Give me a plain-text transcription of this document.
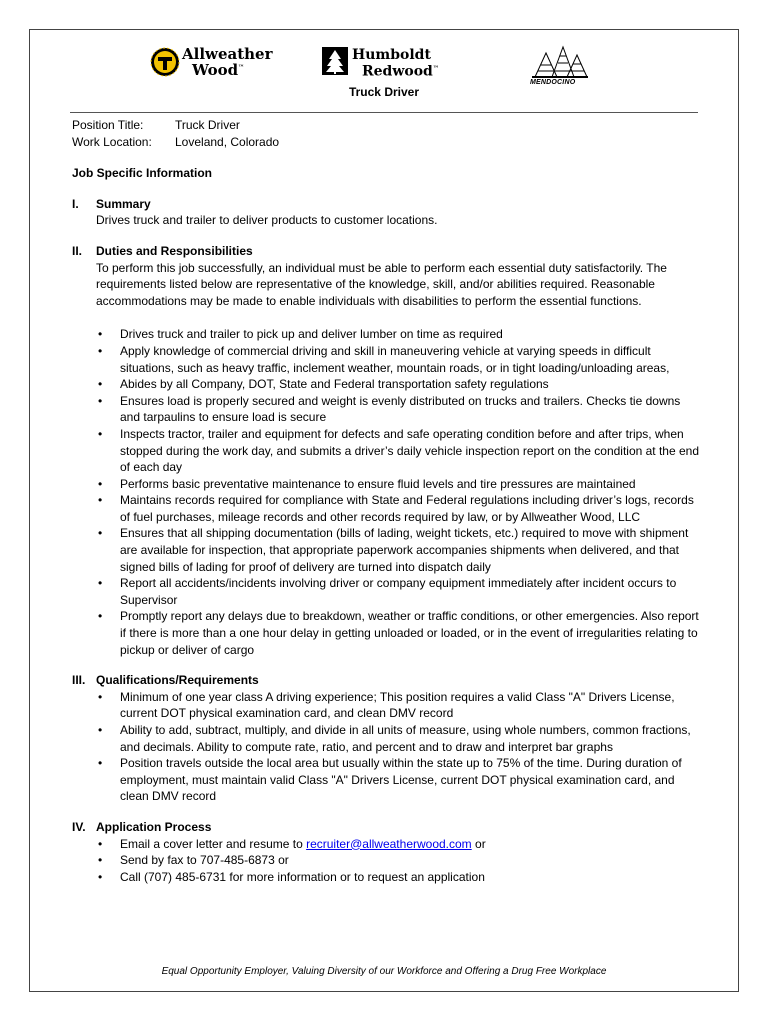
Allweather
Wood™
Humboldt
Redwood™
MENDOCINO
Truck Driver
Position Title:	Truck Driver
Work Location:	Loveland, Colorado
Job Specific Information
I.	Summary
Drives truck and trailer to deliver products to customer locations.
II.	Duties and Responsibilities
To perform this job successfully, an individual must be able to perform each essential duty satisfactorily. The requirements listed below are representative of the knowledge, skill, and/or abilities required. Reasonable accommodations may be made to enable individuals with disabilities to perform the essential functions.
• Drives truck and trailer to pick up and deliver lumber on time as required
• Apply knowledge of commercial driving and skill in maneuvering vehicle at varying speeds in difficult situations, such as heavy traffic, inclement weather, mountain roads, or in tight loading/unloading areas,
• Abides by all Company, DOT, State and Federal transportation safety regulations
• Ensures load is properly secured and weight is evenly distributed on trucks and trailers. Checks tie downs and tarpaulins to ensure load is secure
• Inspects tractor, trailer and equipment for defects and safe operating condition before and after trips, when stopped during the work day, and submits a driver’s daily vehicle inspection report on the condition at the end of each day
• Performs basic preventative maintenance to ensure fluid levels and tire pressures are maintained
• Maintains records required for compliance with State and Federal regulations including driver’s logs, records of fuel purchases, mileage records and other records required by law, or by Allweather Wood, LLC
• Ensures that all shipping documentation (bills of lading, weight tickets, etc.) required to move with shipment are available for inspection, that appropriate paperwork accompanies shipments when delivered, and that signed bills of lading for proof of delivery are turned into dispatch daily
• Report all accidents/incidents involving driver or company equipment immediately after incident occurs to Supervisor
• Promptly report any delays due to breakdown, weather or traffic conditions, or other emergencies. Also report if there is more than a one hour delay in getting unloaded or loaded, or in the event of irregularities relating to pickup or deliver of cargo
III. Qualifications/Requirements
• Minimum of one year class A driving experience; This position requires a valid Class "A" Drivers License, current DOT physical examination card, and clean DMV record
• Ability to add, subtract, multiply, and divide in all units of measure, using whole numbers, common fractions, and decimals. Ability to compute rate, ratio, and percent and to draw and interpret bar graphs
• Position travels outside the local area but usually within the state up to 75% of the time. During duration of employment, must maintain valid Class "A" Drivers License, current DOT physical examination card, and clean DMV record
IV. Application Process
• Email a cover letter and resume to recruiter@allweatherwood.com or
• Send by fax to 707-485-6873 or
• Call (707) 485-6731 for more information or to request an application
Equal Opportunity Employer, Valuing Diversity of our Workforce and Offering a Drug Free Workplace
